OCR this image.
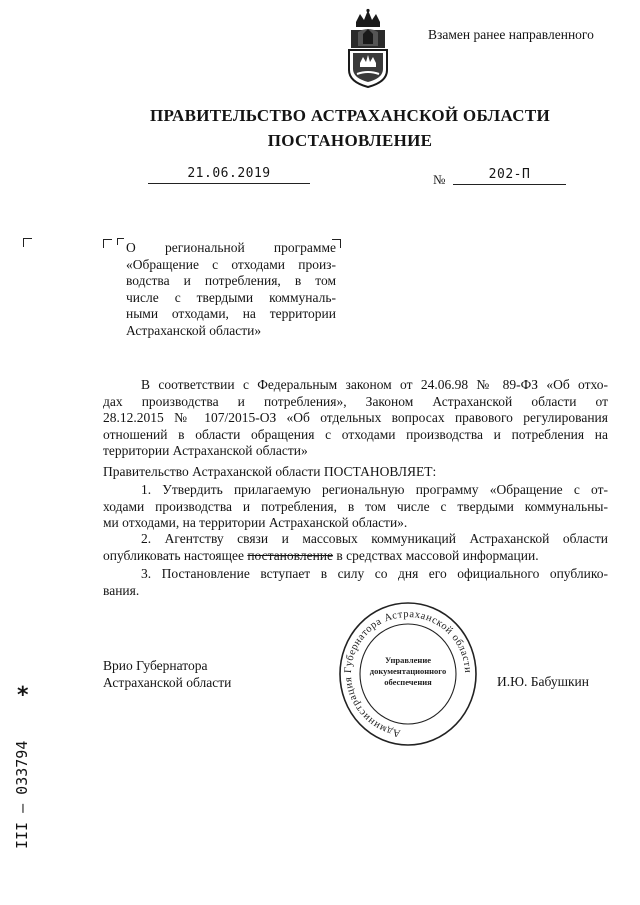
Взамен ранее направленного
ПРАВИТЕЛЬСТВО АСТРАХАНСКОЙ ОБЛАСТИ
ПОСТАНОВЛЕНИЕ
21.06.2019	№	202-П
О региональной программе
«Обращение с отходами произ-
водства и потребления, в том
числе с твердыми коммуналь-
ными отходами, на территории
Астраханской области»
В соответствии с Федеральным законом от 24.06.98 № 89-ФЗ «Об отхо-
дах производства и потребления», Законом Астраханской области от
28.12.2015 № 107/2015-ОЗ «Об отдельных вопросах правового регулирования
отношений в области обращения с отходами производства и потребления на
территории Астраханской области»
Правительство Астраханской области ПОСТАНОВЛЯЕТ:
1. Утвердить прилагаемую региональную программу «Обращение с от-
ходами производства и потребления, в том числе с твердыми коммунальны-
ми отходами, на территории Астраханской области».
2. Агентству связи и массовых коммуникаций Астраханской области
опубликовать настоящее постановление в средствах массовой информации.
3. Постановление вступает в силу со дня его официального опублико-
вания.
Администрация Губернатора Астраханской области
Управление
документационного
обеспечения
Врио Губернатора
Астраханской области	И.Ю. Бабушкин
*
ІІІ – 033794
